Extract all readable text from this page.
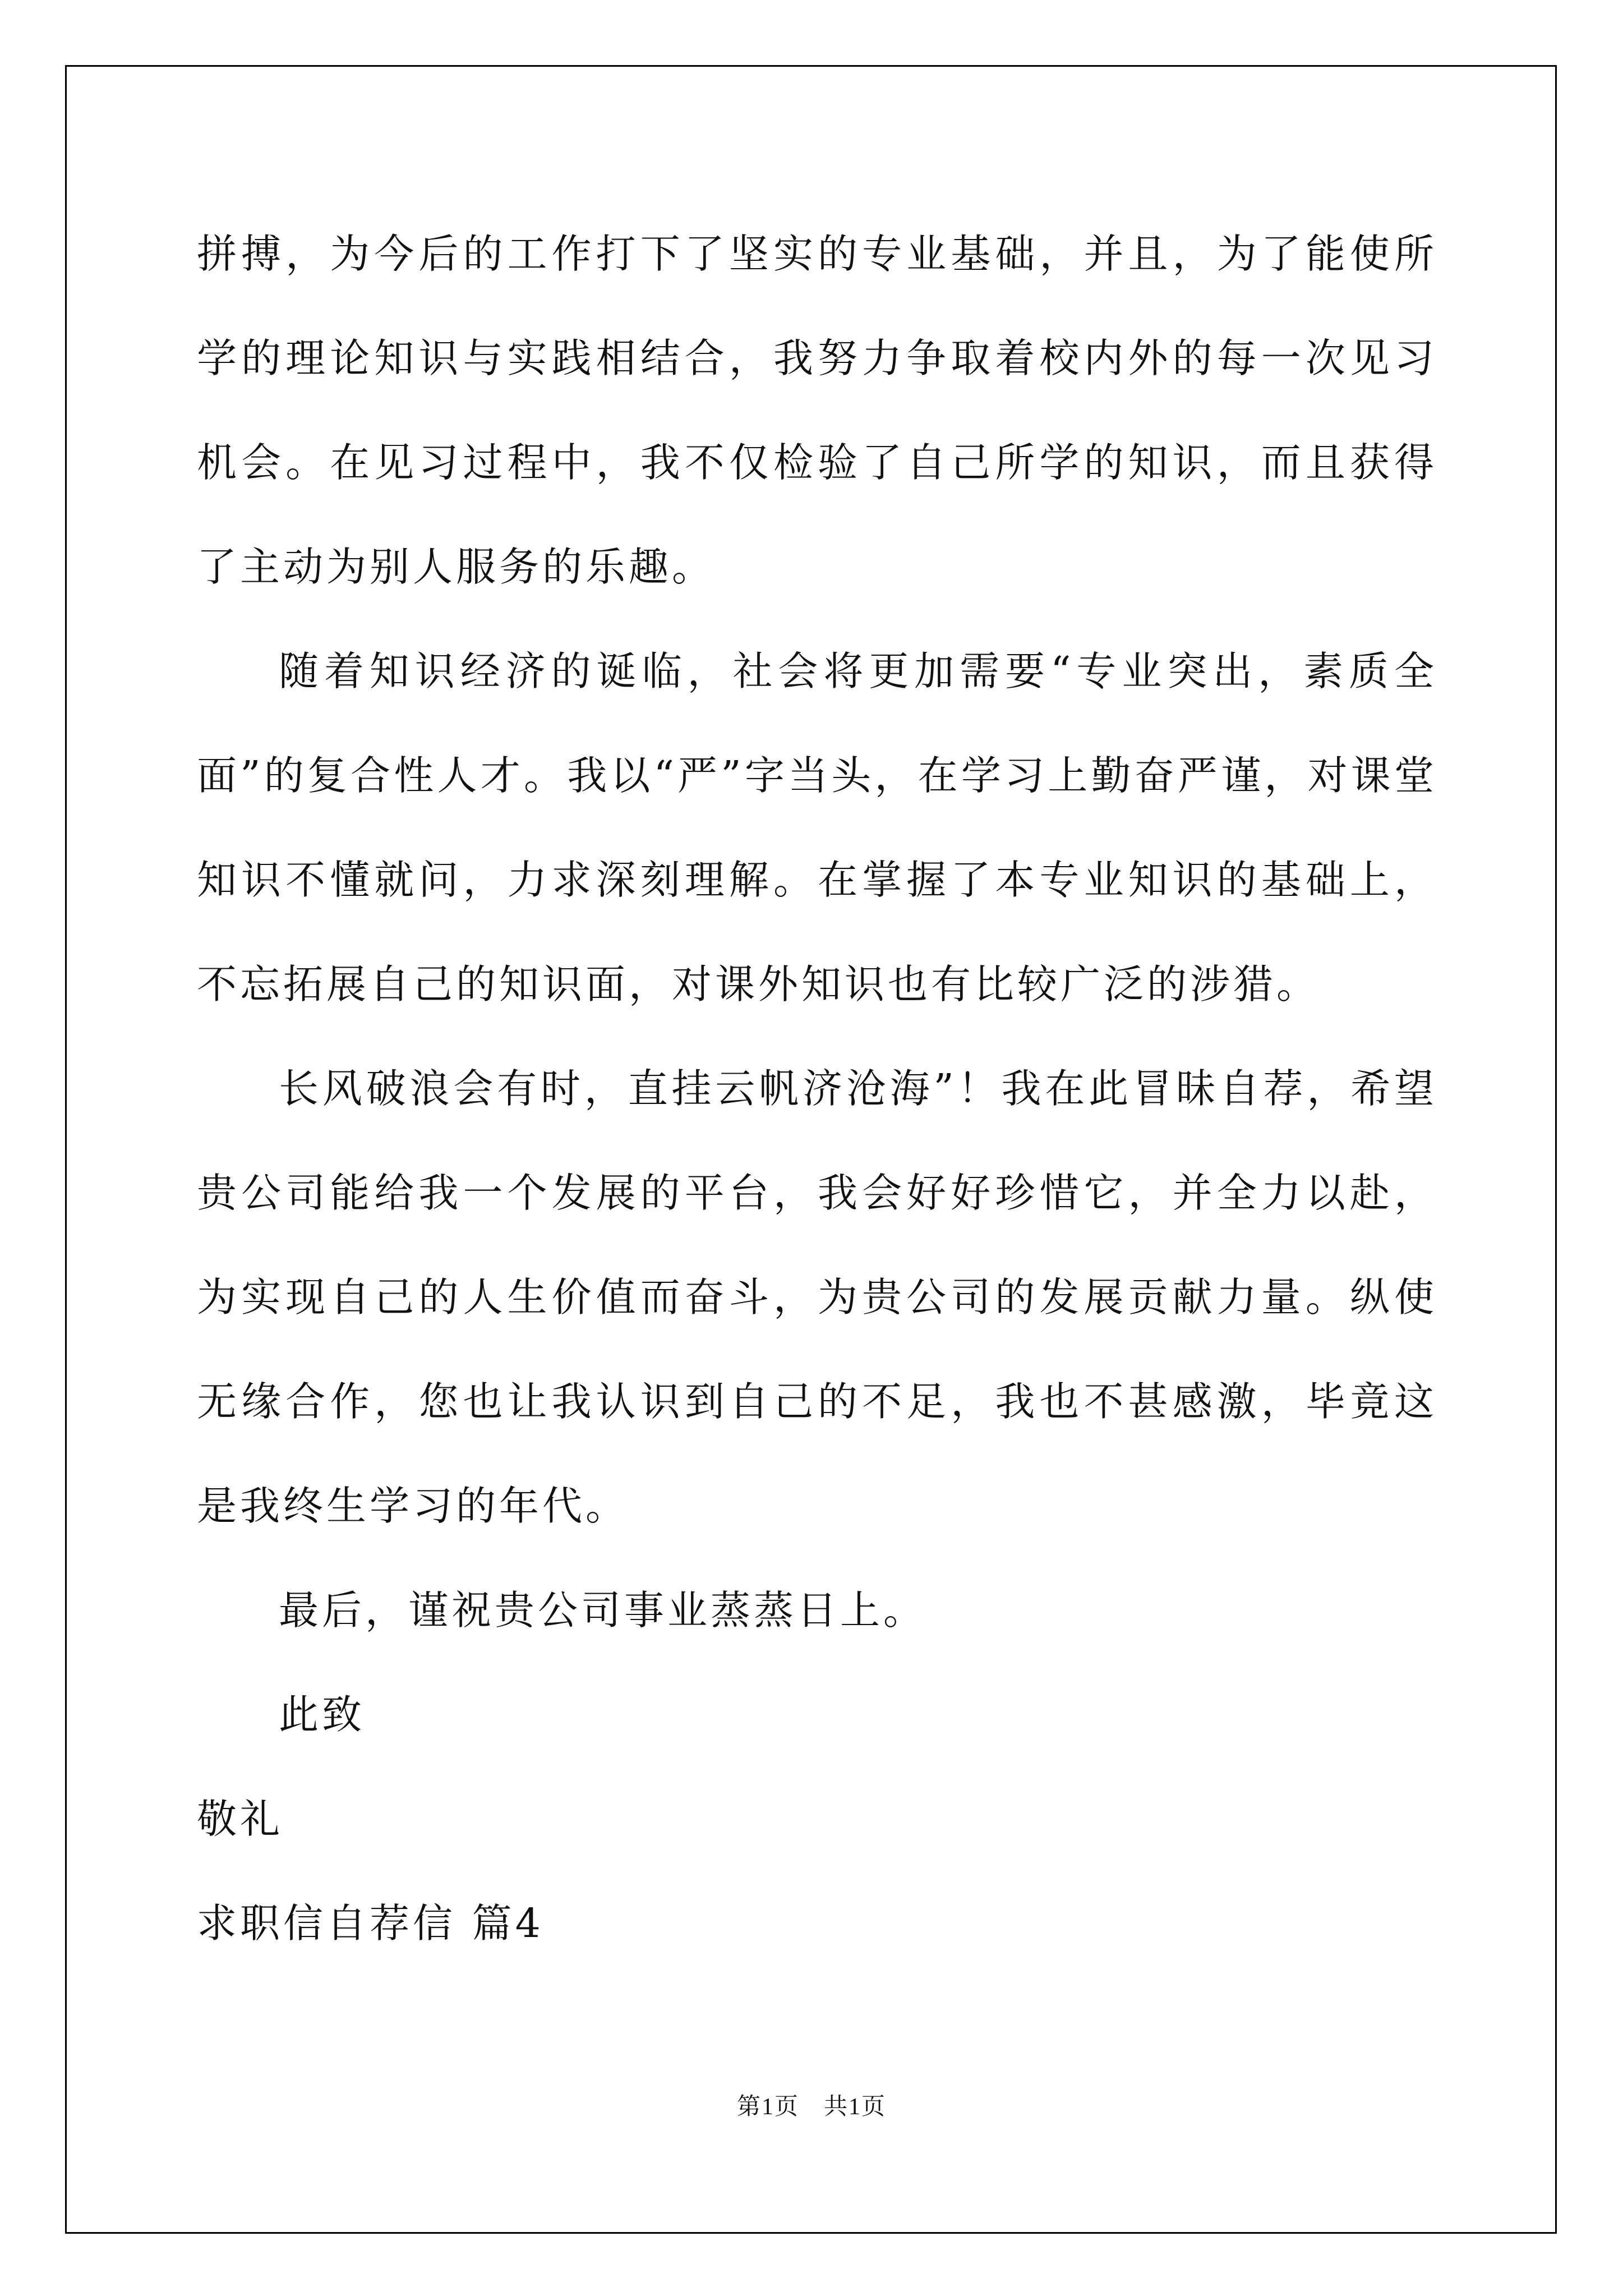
拼搏，为今后的工作打下了坚实的专业基础，并且，为了能使所学的理论知识与实践相结合，我努力争取着校内外的每一次见习机会。在见习过程中，我不仅检验了自己所学的知识，而且获得了主动为别人服务的乐趣。

随着知识经济的诞临，社会将更加需要“专业突出，素质全面”的复合性人才。我以“严”字当头，在学习上勤奋严谨，对课堂知识不懂就问，力求深刻理解。在掌握了本专业知识的基础上，不忘拓展自己的知识面，对课外知识也有比较广泛的涉猎。

长风破浪会有时，直挂云帆济沧海”！我在此冒昧自荐，希望贵公司能给我一个发展的平台，我会好好珍惜它，并全力以赴，为实现自己的人生价值而奋斗，为贵公司的发展贡献力量。纵使无缘合作，您也让我认识到自己的不足，我也不甚感激，毕竟这是我终生学习的年代。

最后，谨祝贵公司事业蒸蒸日上。

此致

敬礼

求职信自荐信 篇4

第1页 共1页
